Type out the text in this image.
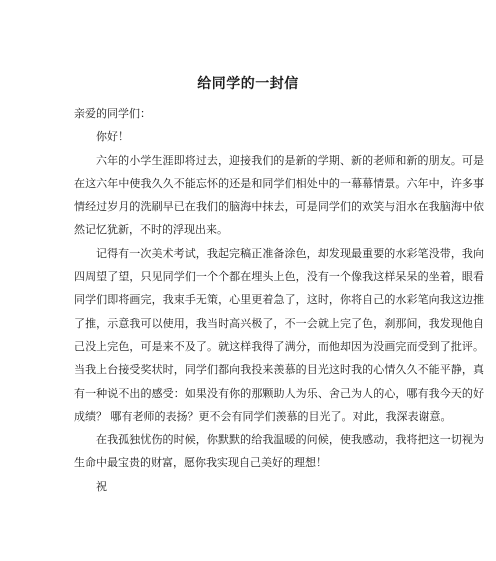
给同学的一封信

亲爱的同学们：

你好！

六年的小学生涯即将过去，迎接我们的是新的学期、新的老师和新的朋友。可是在这六年中使我久久不能忘怀的还是和同学们相处中的一幕幕情景。六年中，许多事情经过岁月的洗刷早已在我们的脑海中抹去，可是同学们的欢笑与泪水在我脑海中依然记忆犹新，不时的浮现出来。

记得有一次美术考试，我起完稿正准备涂色，却发现最重要的水彩笔没带，我向四周望了望，只见同学们一个个都在埋头上色，没有一个像我这样呆呆的坐着，眼看同学们即将画完，我束手无策，心里更着急了，这时，你将自己的水彩笔向我这边推了推，示意我可以使用，我当时高兴极了，不一会就上完了色，刹那间，我发现他自己没上完色，可是来不及了。就这样我得了满分，而他却因为没画完而受到了批评。当我上台接受奖状时，同学们都向我投来羡慕的目光这时我的心情久久不能平静，真有一种说不出的感受：如果没有你的那颗助人为乐、舍己为人的心，哪有我今天的好成绩？ 哪有老师的表扬？更不会有同学们羡慕的目光了。对此，我深表谢意。

在我孤独忧伤的时候，你默默的给我温暖的问候，使我感动，我将把这一切视为生命中最宝贵的财富，愿你我实现自己美好的理想！

祝
